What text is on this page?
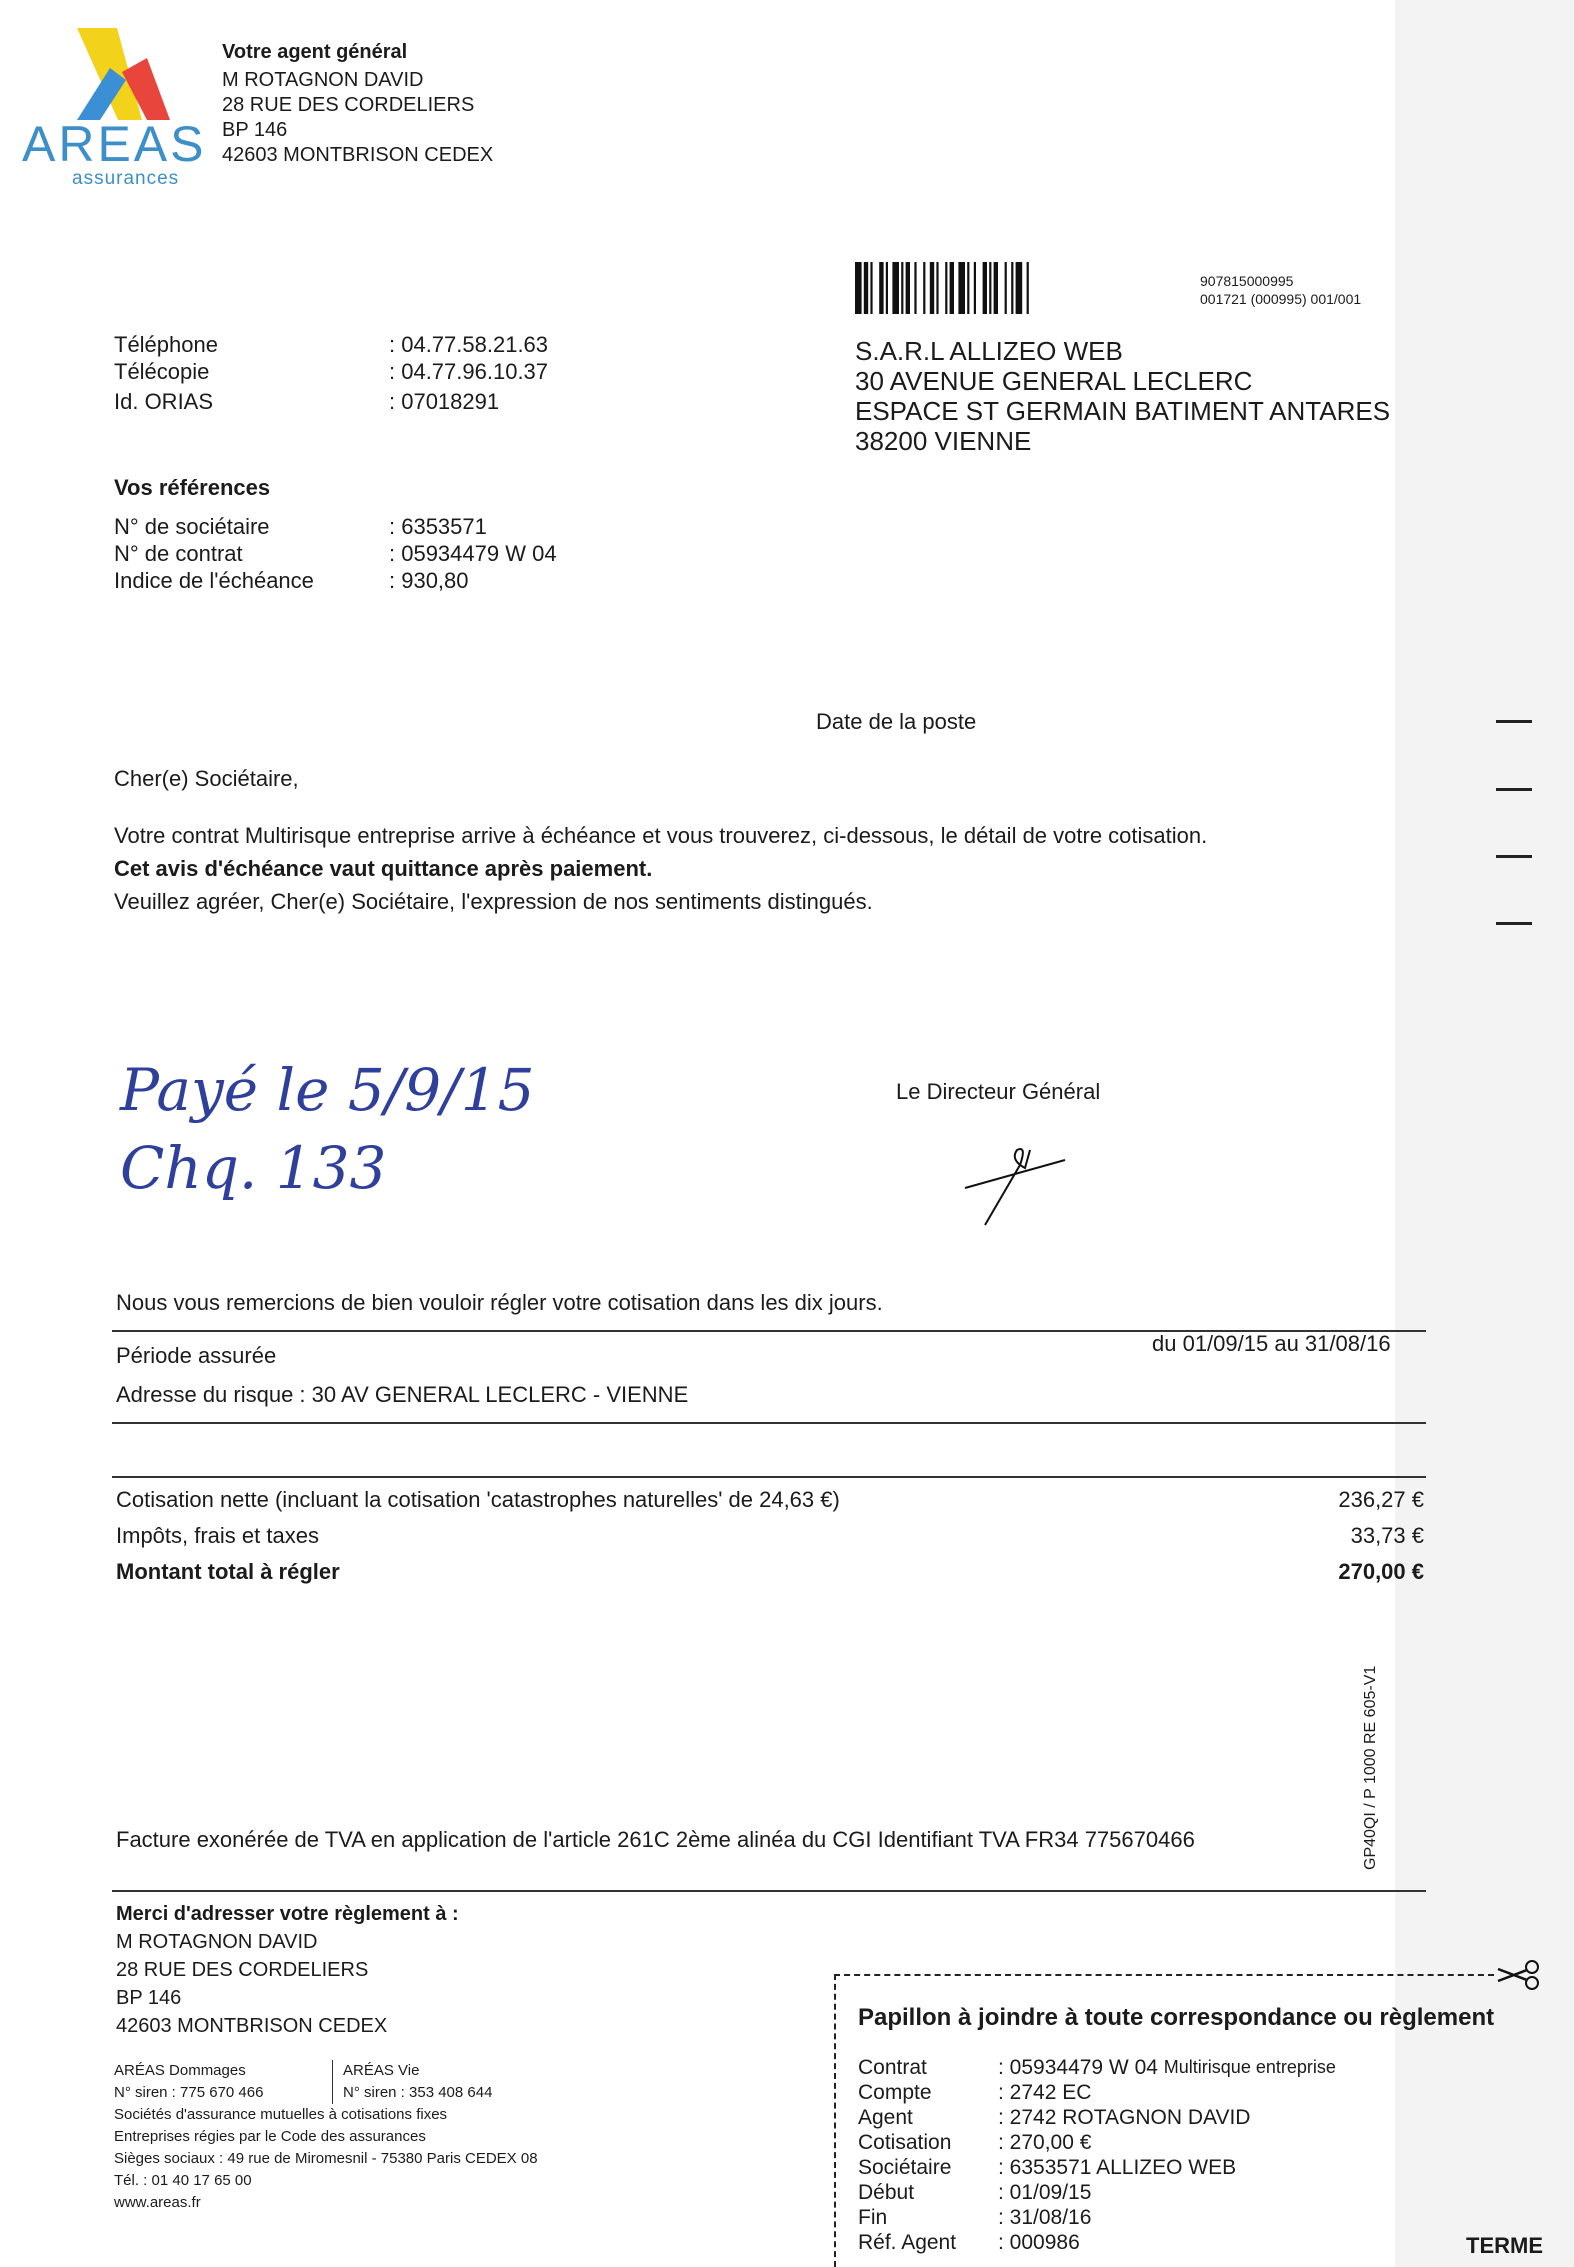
AREAS
assurances
Votre agent général
M ROTAGNON DAVID
28 RUE DES CORDELIERS
BP 146
42603 MONTBRISON CEDEX
907815000995
001721 (000995) 001/001
Téléphone	: 04.77.58.21.63
Télécopie	: 04.77.96.10.37
Id. ORIAS	: 07018291
S.A.R.L ALLIZEO WEB
30 AVENUE GENERAL LECLERC
ESPACE ST GERMAIN BATIMENT ANTARES
38200 VIENNE
Vos références
N° de sociétaire	: 6353571
N° de contrat	: 05934479 W 04
Indice de l'échéance	: 930,80
Date de la poste
Cher(e) Sociétaire,
Votre contrat Multirisque entreprise arrive à échéance et vous trouverez, ci-dessous, le détail de votre cotisation.
Cet avis d'échéance vaut quittance après paiement.
Veuillez agréer, Cher(e) Sociétaire, l'expression de nos sentiments distingués.
Payé le 5/9/15
Chq. 133
Le Directeur Général
Nous vous remercions de bien vouloir régler votre cotisation dans les dix jours.
Période assurée	du 01/09/15 au 31/08/16
Adresse du risque : 30 AV GENERAL LECLERC - VIENNE
Cotisation nette (incluant la cotisation 'catastrophes naturelles' de 24,63 €)	236,27 €
Impôts, frais et taxes	33,73 €
Montant total à régler	270,00 €
GP40QI / P 1000 RE 605-V1
Facture exonérée de TVA en application de l'article 261C 2ème alinéa du CGI Identifiant TVA FR34 775670466
Merci d'adresser votre règlement à :
M ROTAGNON DAVID
28 RUE DES CORDELIERS
BP 146
42603 MONTBRISON CEDEX
ARÉAS Dommages
N° siren : 775 670 466
ARÉAS Vie
N° siren : 353 408 644
Sociétés d'assurance mutuelles à cotisations fixes
Entreprises régies par le Code des assurances
Sièges sociaux : 49 rue de Miromesnil - 75380 Paris CEDEX 08
Tél. : 01 40 17 65 00
www.areas.fr
Papillon à joindre à toute correspondance ou règlement
Contrat	: 05934479 W 04
Multirisque entreprise
Compte	: 2742 EC
Agent	: 2742 ROTAGNON DAVID
Cotisation	: 270,00 €
Sociétaire	: 6353571 ALLIZEO WEB
Début	: 01/09/15
Fin	: 31/08/16
Réf. Agent	: 000986	TERME
